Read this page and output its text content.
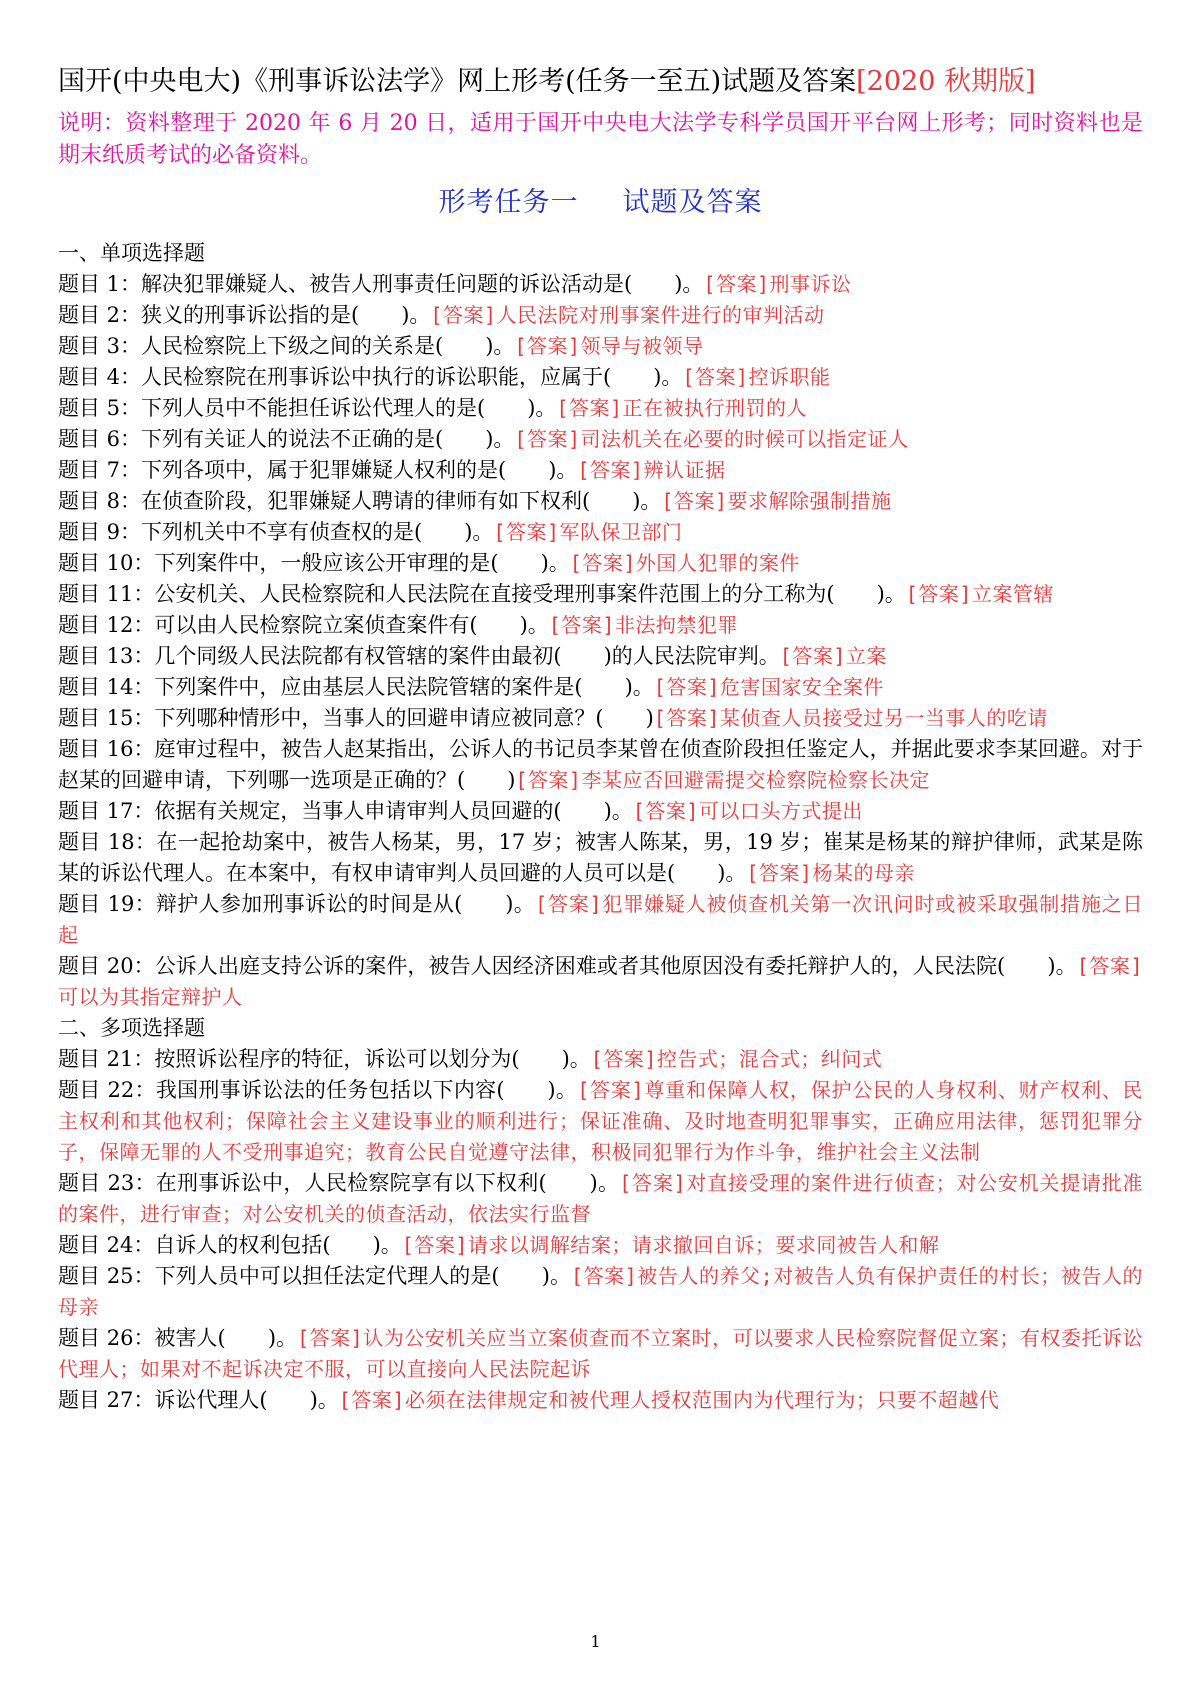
国开(中央电大)《刑事诉讼法学》网上形考(任务一至五)试题及答案[2020 秋期版]
说明：资料整理于 2020 年 6 月 20 日，适用于国开中央电大法学专科学员国开平台网上形考；同时资料也是期末纸质考试的必备资料。
形考任务一 试题及答案
一、单项选择题
题目 1：解决犯罪嫌疑人、被告人刑事责任问题的诉讼活动是(　　)。[答案]刑事诉讼
题目 2：狭义的刑事诉讼指的是(　　)。[答案]人民法院对刑事案件进行的审判活动
题目 3：人民检察院上下级之间的关系是(　　)。[答案]领导与被领导
题目 4：人民检察院在刑事诉讼中执行的诉讼职能，应属于(　　)。[答案]控诉职能
题目 5：下列人员中不能担任诉讼代理人的是(　　)。[答案]正在被执行刑罚的人
题目 6：下列有关证人的说法不正确的是(　　)。[答案]司法机关在必要的时候可以指定证人
题目 7：下列各项中，属于犯罪嫌疑人权利的是(　　)。[答案]辨认证据
题目 8：在侦查阶段，犯罪嫌疑人聘请的律师有如下权利(　　)。[答案]要求解除强制措施
题目 9：下列机关中不享有侦查权的是(　　)。[答案]军队保卫部门
题目 10：下列案件中，一般应该公开审理的是(　　)。[答案]外国人犯罪的案件
题目 11：公安机关、人民检察院和人民法院在直接受理刑事案件范围上的分工称为(　　)。[答案]立案管辖
题目 12：可以由人民检察院立案侦查案件有(　　)。[答案]非法拘禁犯罪
题目 13：几个同级人民法院都有权管辖的案件由最初(　　)的人民法院审判。[答案]立案
题目 14：下列案件中，应由基层人民法院管辖的案件是(　　)。[答案]危害国家安全案件
题目 15：下列哪种情形中，当事人的回避申请应被同意？(　　)[答案]某侦查人员接受过另一当事人的吃请
题目 16：庭审过程中，被告人赵某指出，公诉人的书记员李某曾在侦查阶段担任鉴定人，并据此要求李某回避。对于赵某的回避申请，下列哪一选项是正确的？(　　)[答案]李某应否回避需提交检察院检察长决定
题目 17：依据有关规定，当事人申请审判人员回避的(　　)。[答案]可以口头方式提出
题目 18：在一起抢劫案中，被告人杨某，男，17 岁；被害人陈某，男，19 岁；崔某是杨某的辩护律师，武某是陈某的诉讼代理人。在本案中，有权申请审判人员回避的人员可以是(　　)。[答案]杨某的母亲
题目 19：辩护人参加刑事诉讼的时间是从(　　)。[答案]犯罪嫌疑人被侦查机关第一次讯问时或被采取强制措施之日起
题目 20：公诉人出庭支持公诉的案件，被告人因经济困难或者其他原因没有委托辩护人的，人民法院(　　)。[答案]可以为其指定辩护人
二、多项选择题
题目 21：按照诉讼程序的特征，诉讼可以划分为(　　)。[答案]控告式；混合式；纠问式
题目 22：我国刑事诉讼法的任务包括以下内容(　　)。[答案]尊重和保障人权，保护公民的人身权利、财产权利、民主权利和其他权利；保障社会主义建设事业的顺利进行；保证准确、及时地查明犯罪事实，正确应用法律，惩罚犯罪分子，保障无罪的人不受刑事追究；教育公民自觉遵守法律，积极同犯罪行为作斗争，维护社会主义法制
题目 23：在刑事诉讼中，人民检察院享有以下权利(　　)。[答案]对直接受理的案件进行侦查；对公安机关提请批准的案件，进行审查；对公安机关的侦查活动，依法实行监督
题目 24：自诉人的权利包括(　　)。[答案]请求以调解结案；请求撤回自诉；要求同被告人和解
题目 25：下列人员中可以担任法定代理人的是(　　)。[答案]被告人的养父;对被告人负有保护责任的村长；被告人的母亲
题目 26：被害人(　　)。[答案]认为公安机关应当立案侦查而不立案时，可以要求人民检察院督促立案；有权委托诉讼代理人；如果对不起诉决定不服，可以直接向人民法院起诉
题目 27：诉讼代理人(　　)。[答案]必须在法律规定和被代理人授权范围内为代理行为；只要不超越代
1
